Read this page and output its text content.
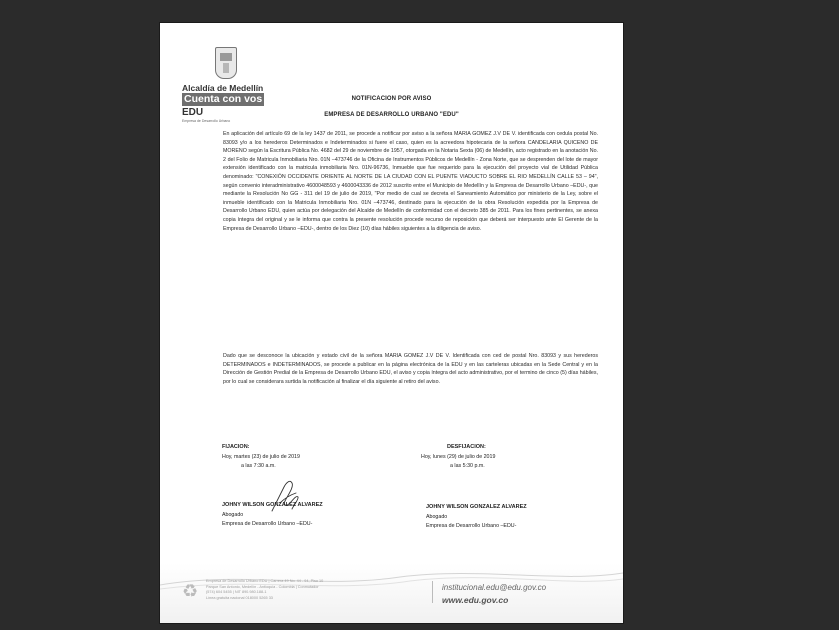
Alcaldía de Medellín
Cuenta con vos
EDU
Empresa de Desarrollo Urbano
NOTIFICACION POR AVISO
EMPRESA DE DESARROLLO URBANO "EDU"
En aplicación del artículo 69 de la ley 1437 de 2011, se procede a notificar por aviso a la señora MARIA GOMEZ J.V DE V. identificada con cedula postal No. 83093 y/o a los herederos Determinados e Indeterminados si fuere el caso, quien es la acreedora hipotecaria de la señora CANDELARIA QUICENO DE MORENO según la Escritura Pública No. 4682 del 29 de noviembre de 1957, otorgada en la Notaria Sexta (06) de Medellín, acto registrado en la anotación No. 2 del Folio de Matricula Inmobiliaria Nro. 01N –473746 de la Oficina de Instrumentos Públicos de Medellín - Zona Norte, que se desprenden del lote de mayor extensión identificado con la matricula inmobiliaria Nro. 01N-96736, Inmueble que fue requerido para la ejecución del proyecto vial de Utilidad Pública denominado: "CONEXIÓN OCCIDENTE ORIENTE AL NORTE DE LA CIUDAD CON EL PUENTE VIADUCTO SOBRE EL RIO MEDELLÍN CALLE 53 – 94", según convenio interadministrativo 4600048593 y 4600043336 de 2012 suscrito entre el Municipio de Medellín y la Empresa de Desarrollo Urbano –EDU-, que mediante la Resolución No GG - 311 del 19 de julio de 2019, "Por medio de cual se decreta el Saneamiento Automático por ministerio de la Ley, sobre el inmueble identificado con la Matricula Inmobiliaria Nro. 01N –473746, destinado para la ejecución de la obra Resolución expedida por la Empresa de Desarrollo Urbano EDU, quien actúa por delegación del Alcalde de Medellín de conformidad con el decreto 385 de 2011. Para los fines pertinentes, se anexa copia íntegra del original y se le informa que contra la presente resolución procede recurso de reposición que deberá ser interpuesto ante El Gerente de la Empresa de Desarrollo Urbano –EDU-, dentro de los Diez (10) días hábiles siguientes a la diligencia de aviso.
Dado que se desconoce la ubicación y estado civil de la señora MARIA GOMEZ J.V DE V. Identificada con ced de postal Nro. 83093 y sus herederos DETERMINADOS e INDETERMINADOS, se procede a publicar en la página electrónica de la EDU y en las carteleras ubicadas en la Sede Central y en la Dirección de Gestión Predial de la Empresa de Desarrollo Urbano EDU, el aviso y copia íntegra del acto administrativo, por el termino de cinco (5) días hábiles, por lo cual se considerara surtida la notificación al finalizar el día siguiente al retiro del aviso.
FIJACION:
Hoy, martes (23) de julio de 2019
a las 7:30 a.m.
DESFIJACION:
Hoy, lunes (29) de julio de 2019
a las 5:30 p.m.
JOHNY WILSON GONZALEZ ALVAREZ
Abogado
Empresa de Desarrollo Urbano –EDU-
JOHNY WILSON GONZALEZ ALVAREZ
Abogado
Empresa de Desarrollo Urbano –EDU-
♻	Empresa de Desarrollo Urbano EDU | Carrera 49 No. 44 - 94, Piso 10
Parque San Antonio, Medellín - Antioquia - Colombia | Conmutador
(574) 604 5455 | NIT 890.980.188-1
Línea gratuita nacional 018000 5265 33
institucional.edu@edu.gov.co
www.edu.gov.co
